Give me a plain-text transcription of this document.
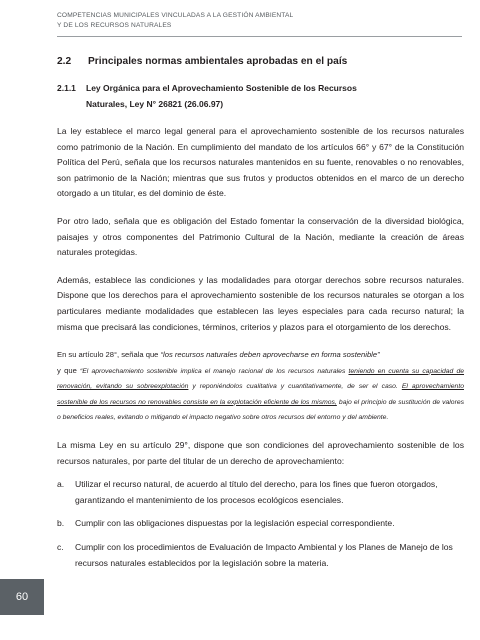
COMPETENCIAS MUNICIPALES VINCULADAS A LA GESTIÓN AMBIENTAL
Y DE LOS RECURSOS NATURALES
2.2	Principales normas ambientales aprobadas en el país
2.1.1	Ley Orgánica para el Aprovechamiento Sostenible de los Recursos
Naturales, Ley N° 26821 (26.06.97)

La ley establece el marco legal general para el aprovechamiento sostenible de los recursos naturales como patrimonio de la Nación. En cumplimiento del mandato de los artículos 66° y 67° de la Constitución Política del Perú, señala que los recursos naturales mantenidos en su fuente, renovables o no renovables, son patrimonio de la Nación; mientras que sus frutos y productos obtenidos en el marco de un derecho otorgado a un titular, es del dominio de éste.

Por otro lado, señala que es obligación del Estado fomentar la conservación de la diversidad biológica, paisajes y otros componentes del Patrimonio Cultural de la Nación, mediante la creación de áreas naturales protegidas.

Además, establece las condiciones y las modalidades para otorgar derechos sobre recursos naturales. Dispone que los derechos para el aprovechamiento sostenible de los recursos naturales se otorgan a los particulares mediante modalidades que establecen las leyes especiales para cada recurso natural; la misma que precisará las condiciones, términos, criterios y plazos para el otorgamiento de los derechos.

En su artículo 28°, señala que “los recursos naturales deben aprovecharse en forma sostenible”

y que “El aprovechamiento sostenible implica el manejo racional de los recursos naturales teniendo en cuenta su capacidad de renovación, evitando su sobreexplotación y reponiéndolos cualitativa y cuantitativamente, de ser el caso. El aprovechamiento sostenible de los recursos no renovables consiste en la explotación eficiente de los mismos, bajo el principio de sustitución de valores o beneficios reales, evitando o mitigando el impacto negativo sobre otros recursos del entorno y del ambiente.

La misma Ley en su artículo 29°, dispone que son condiciones del aprovechamiento sostenible de los recursos naturales, por parte del titular de un derecho de aprovechamiento:

a.	Utilizar el recurso natural, de acuerdo al título del derecho, para los fines que fueron otorgados, garantizando el mantenimiento de los procesos ecológicos esenciales.
b.	Cumplir con las obligaciones dispuestas por la legislación especial correspondiente.
c.	Cumplir con los procedimientos de Evaluación de Impacto Ambiental y los Planes de Manejo de los recursos naturales establecidos por la legislación sobre la materia.
60
